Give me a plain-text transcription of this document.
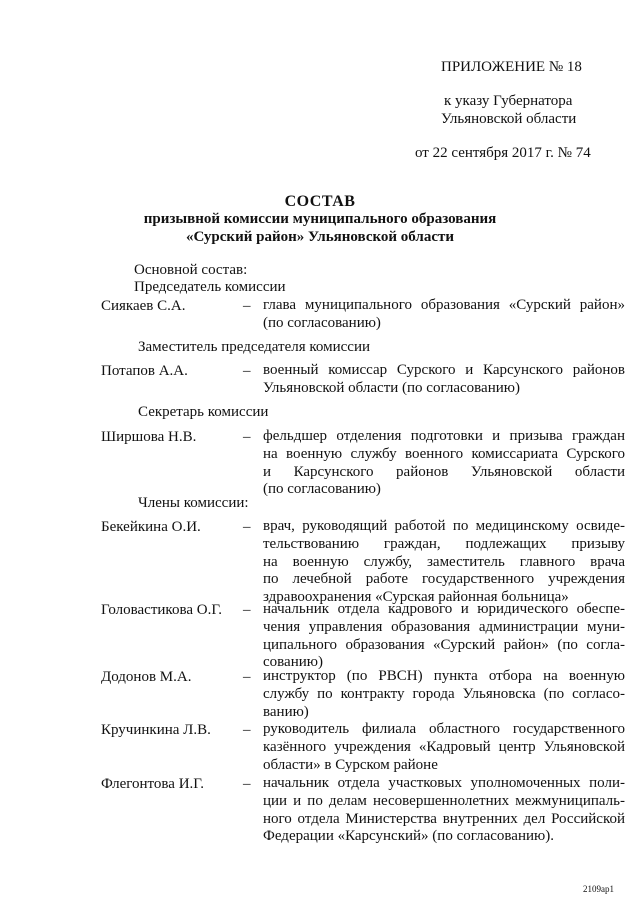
ПРИЛОЖЕНИЕ № 18
к указу Губернатора
Ульяновской области
от 22 сентября 2017 г. № 74
СОСТАВ
призывной комиссии муниципального образования
«Сурский район» Ульяновской области
Основной состав:
Председатель комиссии
Сиякаев С.А.	– глава муниципального образования «Сурский район»
(по согласованию)
Заместитель председателя комиссии
Потапов А.А.	– военный комиссар Сурского и Карсунского районов
Ульяновской области (по согласованию)
Секретарь комиссии
Ширшова Н.В.	– фельдшер отделения подготовки и призыва граждан
на военную службу военного комиссариата Сурского
и Карсунского районов Ульяновской области
(по согласованию)
Члены комиссии:
Бекейкина О.И.	– врач, руководящий работой по медицинскому освиде-
тельствованию граждан, подлежащих призыву
на военную службу, заместитель главного врача
по лечебной работе государственного учреждения
здравоохранения «Сурская районная больница»
Головастикова О.Г. – начальник отдела кадрового и юридического обеспе-
чения управления образования администрации муни-
ципального образования «Сурский район» (по согла-
сованию)
Додонов М.А.	– инструктор (по РВСН) пункта отбора на военную
службу по контракту города Ульяновска (по согласо-
ванию)
Кручинкина Л.В. – руководитель филиала областного государственного
казённого учреждения «Кадровый центр Ульяновской
области» в Сурском районе
Флегонтова И.Г.	– начальник отдела участковых уполномоченных поли-
ции и по делам несовершеннолетних межмуниципаль-
ного отдела Министерства внутренних дел Российской
Федерации «Карсунский» (по согласованию).
2109ap1
